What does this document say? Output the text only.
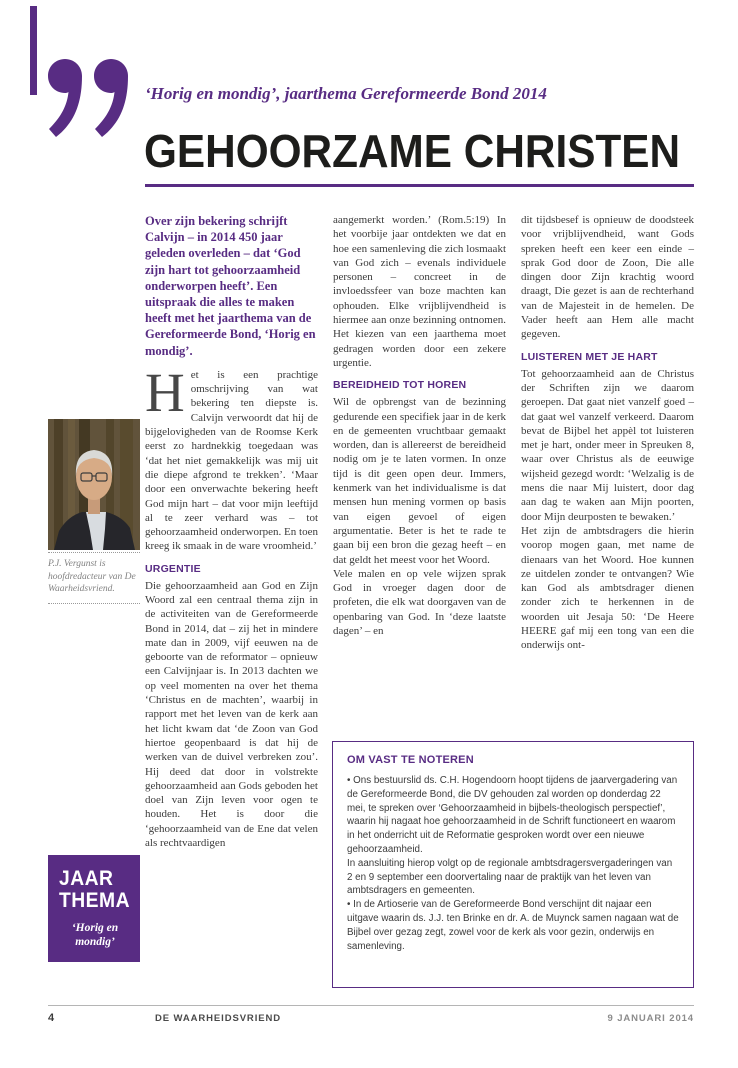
‘Horig en mondig’, jaarthema Gereformeerde Bond 2014
GEHOORZAME CHRISTEN
P.J. Vergunst is hoofdredacteur van De Waarheidsvriend.
JAAR
THEMA
‘Horig en mondig’

Over zijn bekering schrijft Calvijn – in 2014 450 jaar geleden overleden – dat ‘God zijn hart tot gehoorzaamheid onderworpen heeft’. Een uitspraak die alles te maken heeft met het jaarthema van de Gereformeerde Bond, ‘Horig en mondig’.

Het is een prachtige omschrijving van wat bekering ten diepste is. Calvijn verwoordt dat hij de bijgelovigheden van de Roomse Kerk eerst zo hardnekkig toegedaan was ‘dat het niet gemakkelijk was mij uit die diepe afgrond te trekken’. ‘Maar door een onverwachte bekering heeft God mijn hart – dat voor mijn leeftijd al te zeer verhard was – tot gehoorzaamheid onderworpen. En toen kreeg ik smaak in de ware vroomheid.’

URGENTIE

Die gehoorzaamheid aan God en Zijn Woord zal een centraal thema zijn in de activiteiten van de Gereformeerde Bond in 2014, dat – zij het in mindere mate dan in 2009, vijf eeuwen na de geboorte van de reformator – opnieuw een Calvijnjaar is. In 2013 dachten we op veel momenten na over het thema ‘Christus en de machten’, waarbij in rapport met het leven van de kerk aan het licht kwam dat ‘de Zoon van God hiertoe geopenbaard is dat hij de werken van de duivel verbreken zou’. Hij deed dat door in volstrekte gehoorzaamheid aan Gods geboden het doel van Zijn leven voor ogen te houden. Het is door die ‘gehoorzaamheid van de Ene dat velen als rechtvaardigen

aangemerkt worden.’ (Rom.5:19) In het voorbije jaar ontdekten we dat en hoe een samenleving die zich losmaakt van God zich – evenals individuele personen – concreet in de invloedssfeer van boze machten kan ophouden. Elke vrijblijvendheid is hiermee aan onze bezinning ontnomen. Het kiezen van een jaarthema moet gedragen worden door een zekere urgentie.

BEREIDHEID TOT HOREN

Wil de opbrengst van de bezinning gedurende een specifiek jaar in de kerk en de gemeenten vruchtbaar gemaakt worden, dan is allereerst de bereidheid nodig om je te laten vormen. In onze tijd is dit geen open deur. Immers, kenmerk van het individualisme is dat mensen hun mening vormen op basis van eigen gevoel of eigen argumentatie. Beter is het te rade te gaan bij een bron die gezag heeft – en dat geldt het meest voor het Woord.

Vele malen en op vele wijzen sprak God in vroeger dagen door de profeten, die elk wat doorgaven van de openbaring van God. In ‘deze laatste dagen’ – en

dit tijdsbesef is opnieuw de doodsteek voor vrijblijvendheid, want Gods spreken heeft een keer een einde – sprak God door de Zoon, Die alle dingen door Zijn krachtig woord draagt, Die gezet is aan de rechterhand van de Majesteit in de hemelen. De Vader heeft aan Hem alle macht gegeven.

LUISTEREN MET JE HART

Tot gehoorzaamheid aan de Christus der Schriften zijn we daarom geroepen. Dat gaat niet vanzelf goed – dat gaat wel vanzelf verkeerd. Daarom bevat de Bijbel het appèl tot luisteren met je hart, onder meer in Spreuken 8, waar over Christus als de eeuwige wijsheid gezegd wordt: ‘Welzalig is de mens die naar Mij luistert, door dag aan dag te waken aan Mijn poorten, door Mijn deurposten te bewaken.’

Het zijn de ambtsdragers die hierin voorop mogen gaan, met name de dienaars van het Woord. Hoe kunnen ze uitdelen zonder te ontvangen? Wie kan God als ambtsdrager dienen zonder zich te herkennen in de woorden uit Jesaja 50: ‘De Heere HEERE gaf mij een tong van een die onderwijs ont-

OM VAST TE NOTEREN

• Ons bestuurslid ds. C.H. Hogendoorn hoopt tijdens de jaarvergadering van de Gereformeerde Bond, die DV gehouden zal worden op donderdag 22 mei, te spreken over ‘Gehoorzaamheid in bijbels-theologisch perspectief’, waarin hij nagaat hoe gehoorzaamheid in de Schrift functioneert en waarom in het onderricht uit de Reformatie gesproken wordt over een nieuwe gehoorzaamheid.

In aansluiting hierop volgt op de regionale ambtsdragersvergaderingen van 2 en 9 september een doorvertaling naar de praktijk van het leven van ambtsdragers en gemeenten.

• In de Artioserie van de Gereformeerde Bond verschijnt dit najaar een uitgave waarin ds. J.J. ten Brinke en dr. A. de Muynck samen nagaan wat de Bijbel over gezag zegt, zowel voor de kerk als voor gezin, onderwijs en samenleving.

4	DE WAARHEIDSVRIEND	9 JANUARI 2014
